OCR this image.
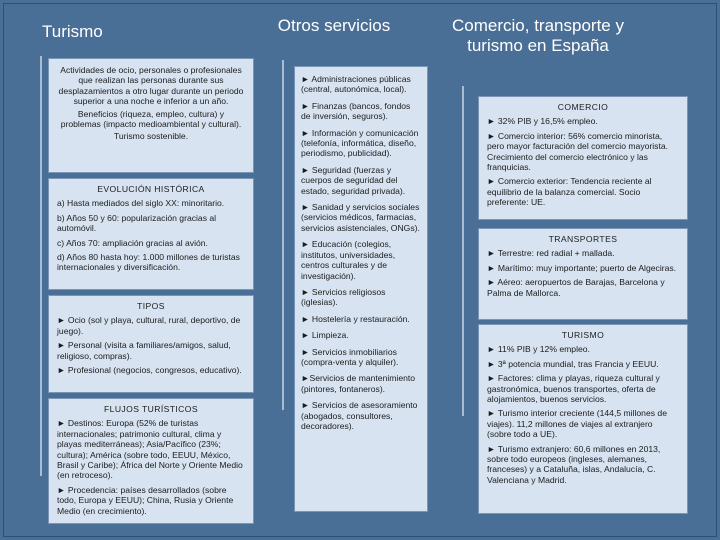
Turismo	Otros servicios	Comercio, transporte y turismo en España
Actividades de ocio, personales o profesionales que realizan las personas durante sus desplazamientos a otro lugar durante un periodo superior a una noche e inferior a un año.
Beneficios (riqueza, empleo, cultura) y problemas (impacto medioambiental y cultural).
Turismo sostenible.
EVOLUCIÓN HISTÓRICA
a) Hasta mediados del siglo XX: minoritario.
b) Años 50 y 60: popularización gracias al automóvil.
c) Años 70: ampliación gracias al avión.
d) Años 80 hasta hoy: 1.000 millones de turistas internacionales y diversificación.
TIPOS
► Ocio (sol y playa, cultural, rural, deportivo, de juego).
► Personal (visita a familiares/amigos, salud, religioso, compras).
► Profesional (negocios, congresos, educativo).
FLUJOS TURÍSTICOS
► Destinos: Europa (52% de turistas internacionales; patrimonio cultural, clima y playas mediterráneas); Asia/Pacífico (23%; cultura); América (sobre todo, EEUU, México, Brasil y Caribe); África del Norte y Oriente Medio (en retroceso).
► Procedencia: países desarrollados (sobre todo, Europa y EEUU); China, Rusia y Oriente Medio (en crecimiento).
► Administraciones públicas (central, autonómica, local).
► Finanzas (bancos, fondos de inversión, seguros).
► Información y comunicación (telefonía, informática, diseño, periodismo, publicidad).
► Seguridad (fuerzas y cuerpos de seguridad del estado, seguridad privada).
► Sanidad y servicios sociales (servicios médicos, farmacias, servicios asistenciales, ONGs).
► Educación (colegios, institutos, universidades, centros culturales y de investigación).
► Servicios religiosos (iglesias).
► Hostelería y restauración.
► Limpieza.
► Servicios inmobiliarios (compra-venta y alquiler).
►Servicios de mantenimiento (pintores, fontaneros).
► Servicios de asesoramiento (abogados, consultores, decoradores).
COMERCIO
► 32% PIB y 16,5% empleo.
► Comercio interior: 56% comercio minorista, pero mayor facturación del comercio mayorista. Crecimiento del comercio electrónico y las franquicias.
► Comercio exterior: Tendencia reciente al equilibrio de la balanza comercial. Socio preferente: UE.
TRANSPORTES
► Terrestre: red radial + mallada.
► Marítimo: muy importante; puerto de Algeciras.
► Aéreo: aeropuertos de Barajas, Barcelona y Palma de Mallorca.
TURISMO
► 11% PIB y 12% empleo.
► 3ª potencia mundial, tras Francia y EEUU.
► Factores: clima y playas, riqueza cultural y gastronómica, buenos transportes, oferta de alojamientos, buenos servicios.
► Turismo interior creciente (144,5 millones de viajes). 11,2 millones de viajes al extranjero (sobre todo a UE).
► Turismo extranjero: 60,6 millones en 2013, sobre todo europeos (ingleses, alemanes, franceses) y a Cataluña, islas, Andalucía, C. Valenciana y Madrid.
